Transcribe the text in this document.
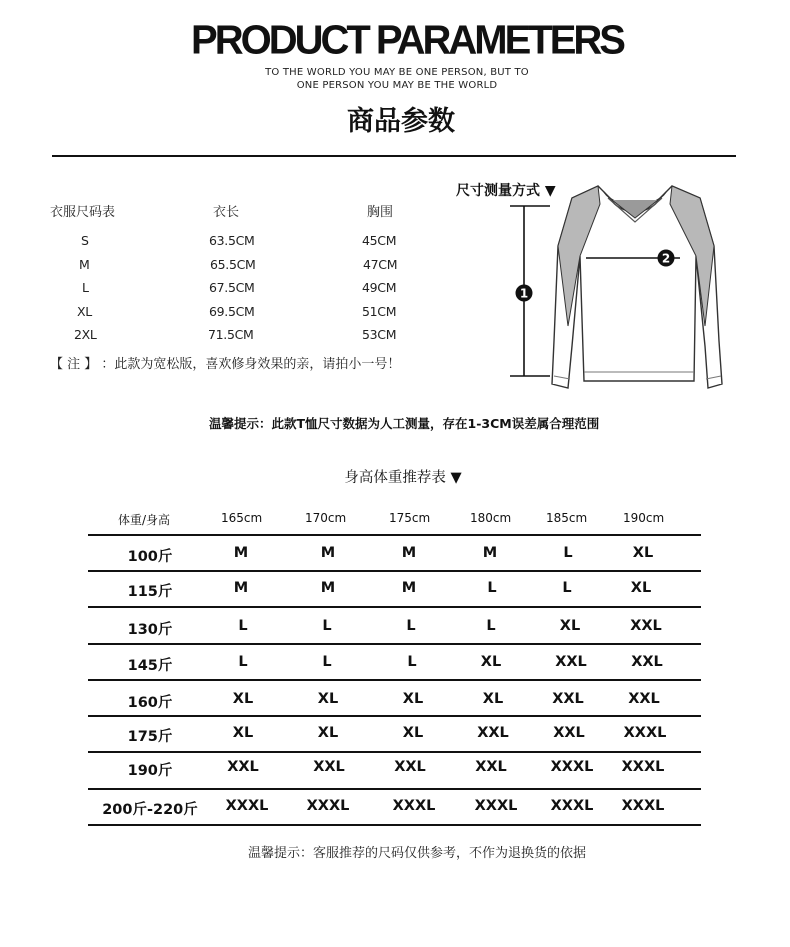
PRODUCT PARAMETERS
TO THE WORLD YOU MAY BE ONE PERSON, BUT TO
ONE PERSON YOU MAY BE THE WORLD
商品参数
衣服尺码表	衣长	胸围
S	63.5CM	45CM
M	65.5CM	47CM
L	67.5CM	49CM
XL	69.5CM	51CM
2XL	71.5CM	53CM
【 注 】 ：此款为宽松版，喜欢修身效果的亲，请拍小一号！
尺寸测量方式 ▼
1
2
温馨提示：此款T恤尺寸数据为人工测量，存在1-3CM误差属合理范围
身高体重推荐表 ▼
体重/身高	165cm	170cm	175cm	180cm	185cm	190cm
100斤	M	M	M	M	L	XL
115斤	M	M	M	L	L	XL
130斤	L	L	L	L	XL	XXL
145斤	L	L	L	XL	XXL	XXL
160斤	XL	XL	XL	XL	XXL	XXL
175斤	XL	XL	XL	XXL	XXL	XXXL
190斤	XXL	XXL	XXL	XXL	XXXL	XXXL
200斤-220斤	XXXL	XXXL	XXXL	XXXL	XXXL	XXXL
温馨提示：客服推荐的尺码仅供参考，不作为退换货的依据
